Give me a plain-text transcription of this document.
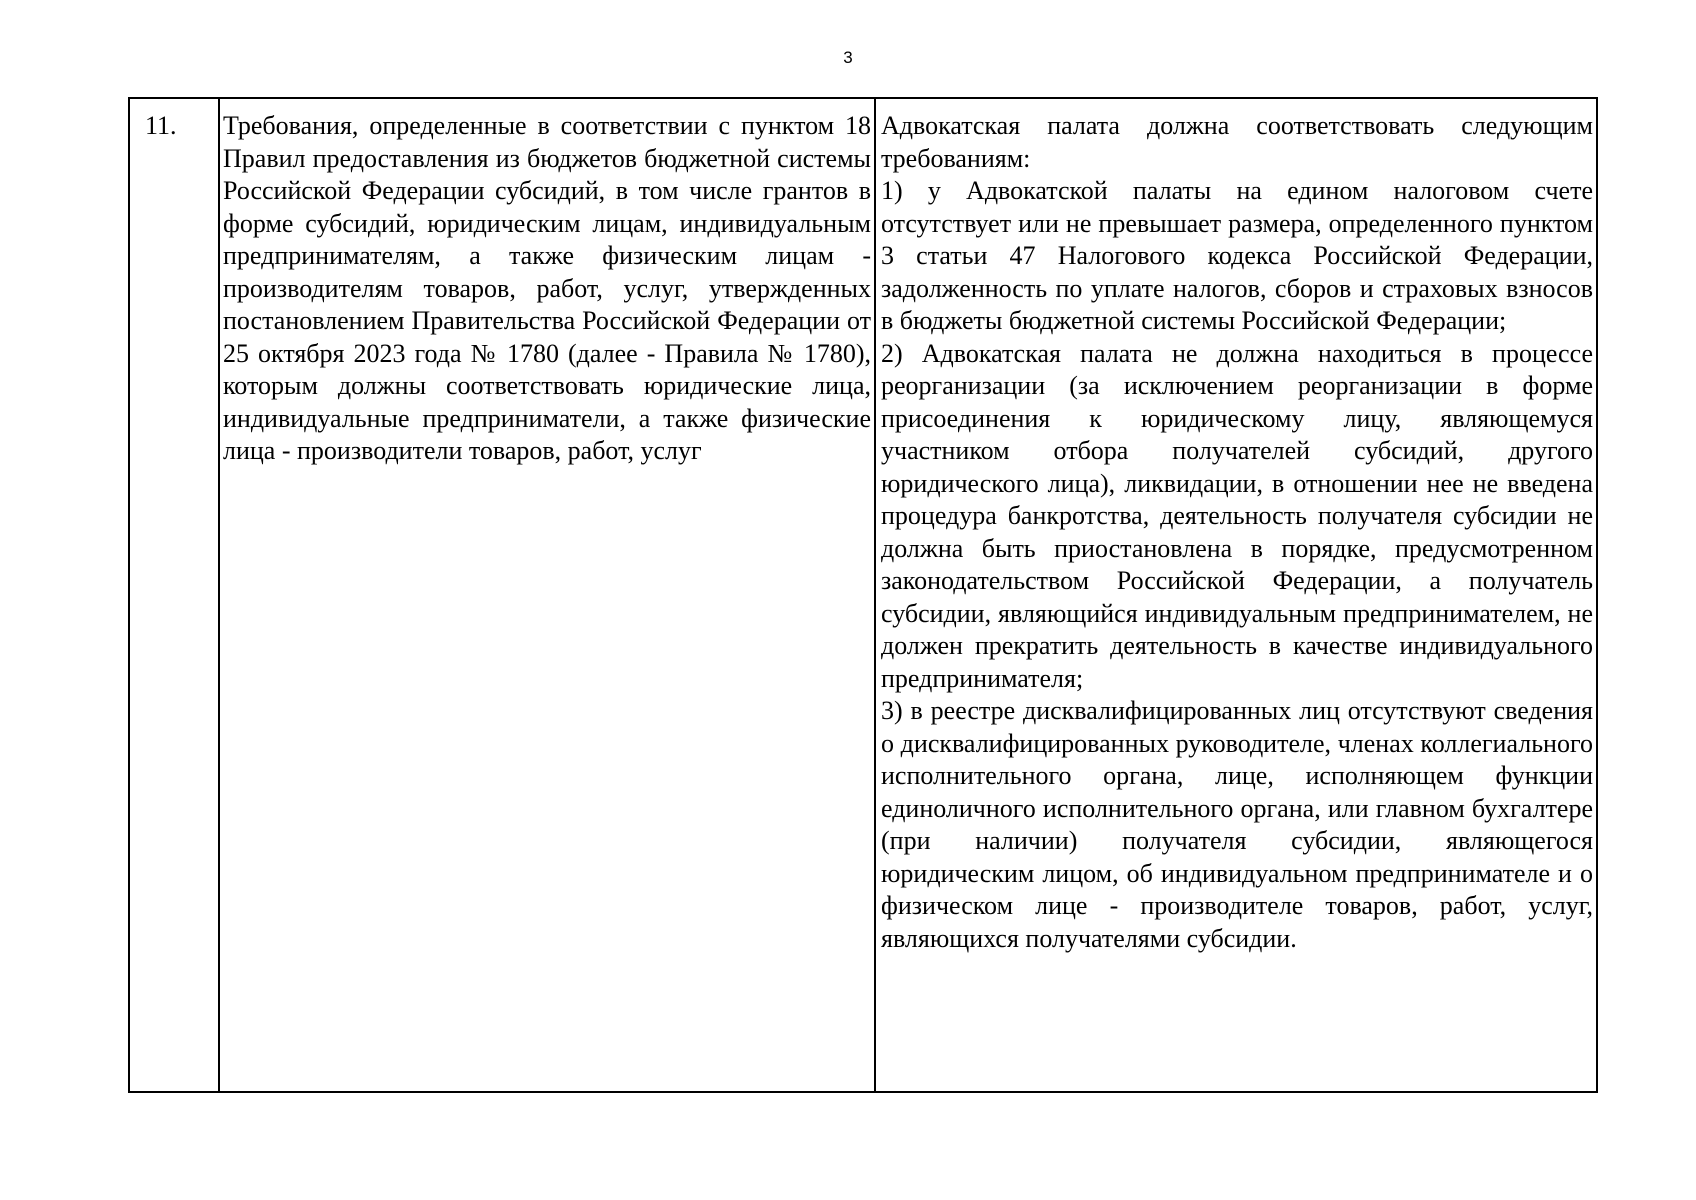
3
11. Требования, определенные в соответствии с пунктом 18 Правил предоставления из бюджетов бюджетной системы Российской Федерации субсидий, в том числе грантов в форме субсидий, юридическим лицам, индивидуальным предпринимателям, а также физическим лицам - производителям товаров, работ, услуг, утвержденных постановлением Правительства Российской Федерации от 25 октября 2023 года № 1780 (далее - Правила № 1780), которым должны соответствовать юридические лица, индивидуальные предприниматели, а также физические лица - производители товаров, работ, услуг

Адвокатская палата должна соответствовать следующим требованиям:

1) у Адвокатской палаты на едином налоговом счете отсутствует или не превышает размера, определенного пунктом 3 статьи 47 Налогового кодекса Российской Федерации, задолженность по уплате налогов, сборов и страховых взносов в бюджеты бюджетной системы Российской Федерации;

2) Адвокатская палата не должна находиться в процессе реорганизации (за исключением реорганизации в форме присоединения к юридическому лицу, являющемуся участником отбора получателей субсидий, другого юридического лица), ликвидации, в отношении нее не введена процедура банкротства, деятельность получателя субсидии не должна быть приостановлена в порядке, предусмотренном законодательством Российской Федерации, а получатель субсидии, являющийся индивидуальным предпринимателем, не должен прекратить деятельность в качестве индивидуального предпринимателя;

3) в реестре дисквалифицированных лиц отсутствуют сведения о дисквалифицированных руководителе, членах коллегиального исполнительного органа, лице, исполняющем функции единоличного исполнительного органа, или главном бухгалтере (при наличии) получателя субсидии, являющегося юридическим лицом, об индивидуальном предпринимателе и о физическом лице - производителе товаров, работ, услуг, являющихся получателями субсидии.
